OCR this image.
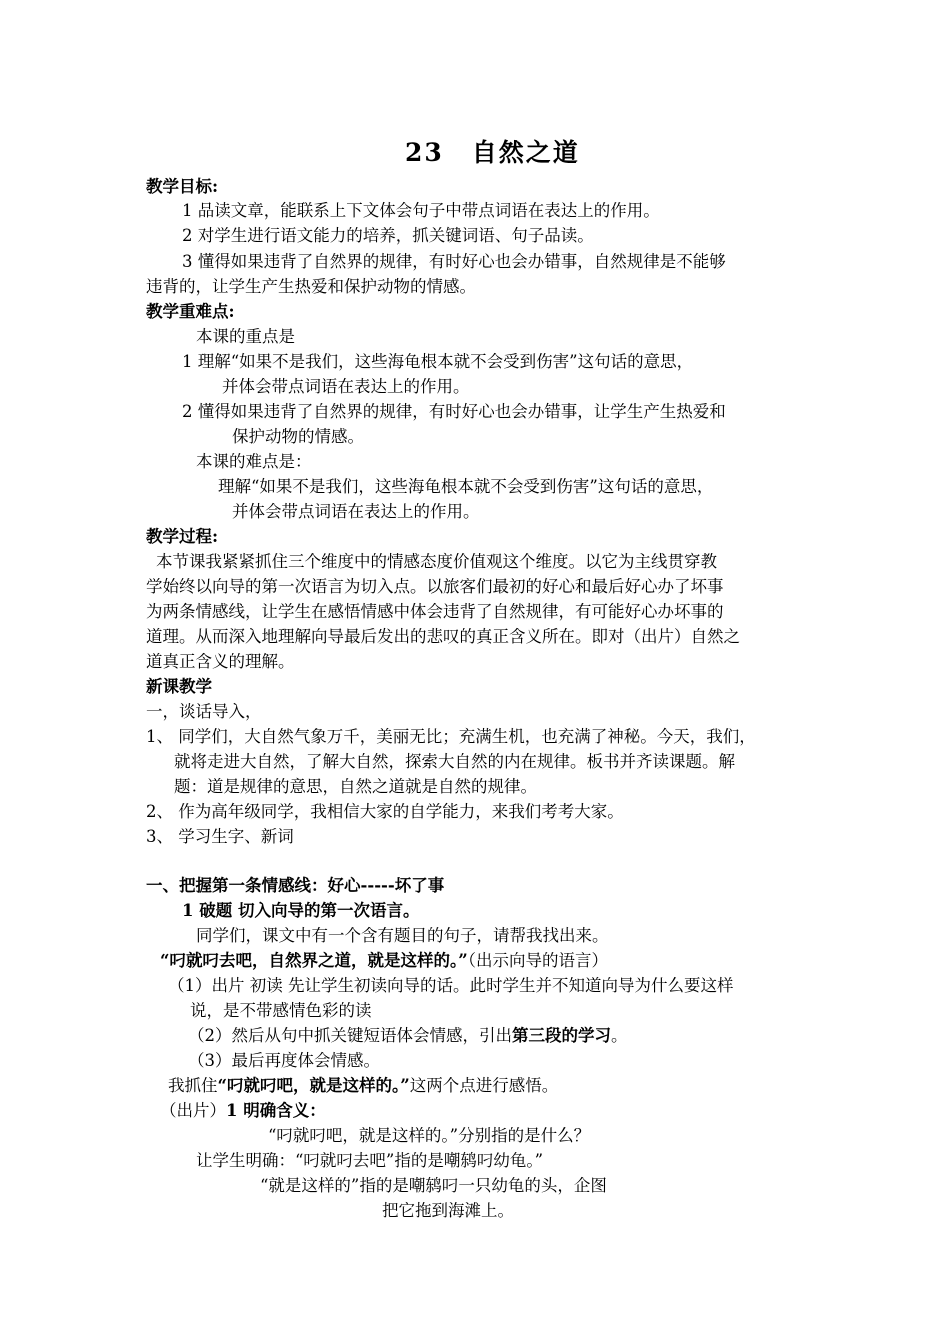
23 自然之道
教学目标:
1 品读文章，能联系上下文体会句子中带点词语在表达上的作用。
2 对学生进行语文能力的培养，抓关键词语、句子品读。
3 懂得如果违背了自然界的规律，有时好心也会办错事，自然规律是不能够
违背的，让学生产生热爱和保护动物的情感。
教学重难点:
本课的重点是
1 理解“如果不是我们，这些海龟根本就不会受到伤害”这句话的意思，
并体会带点词语在表达上的作用。
2 懂得如果违背了自然界的规律，有时好心也会办错事，让学生产生热爱和
保护动物的情感。
本课的难点是：
理解“如果不是我们，这些海龟根本就不会受到伤害”这句话的意思，
并体会带点词语在表达上的作用。
教学过程:
本节课我紧紧抓住三个维度中的情感态度价值观这个维度。以它为主线贯穿教
学始终以向导的第一次语言为切入点。以旅客们最初的好心和最后好心办了坏事
为两条情感线，让学生在感悟情感中体会违背了自然规律，有可能好心办坏事的
道理。从而深入地理解向导最后发出的悲叹的真正含义所在。即对（出片）自然之
道真正含义的理解。
新课教学
一，谈话导入，
1、 同学们，大自然气象万千，美丽无比；充满生机，也充满了神秘。今天，我们，
就将走进大自然，了解大自然，探索大自然的内在规律。板书并齐读课题。解
题：道是规律的意思，自然之道就是自然的规律。
2、 作为高年级同学，我相信大家的自学能力，来我们考考大家。
3、 学习生字、新词
一、把握第一条情感线：好心-----坏了事
1 破题 切入向导的第一次语言。
同学们，课文中有一个含有题目的句子，请帮我找出来。
“叼就叼去吧，自然界之道，就是这样的。”（出示向导的语言）
（1）出片 初读 先让学生初读向导的话。此时学生并不知道向导为什么要这样
说，是不带感情色彩的读
（2）然后从句中抓关键短语体会情感，引出第三段的学习。
（3）最后再度体会情感。
我抓住“叼就叼吧，就是这样的。”这两个点进行感悟。
（出片）1 明确含义：
“叼就叼吧，就是这样的。”分别指的是什么？
让学生明确：“叼就叼去吧”指的是嘲鸫叼幼龟。”
“就是这样的”指的是嘲鸫叼一只幼龟的头，企图
把它拖到海滩上。
